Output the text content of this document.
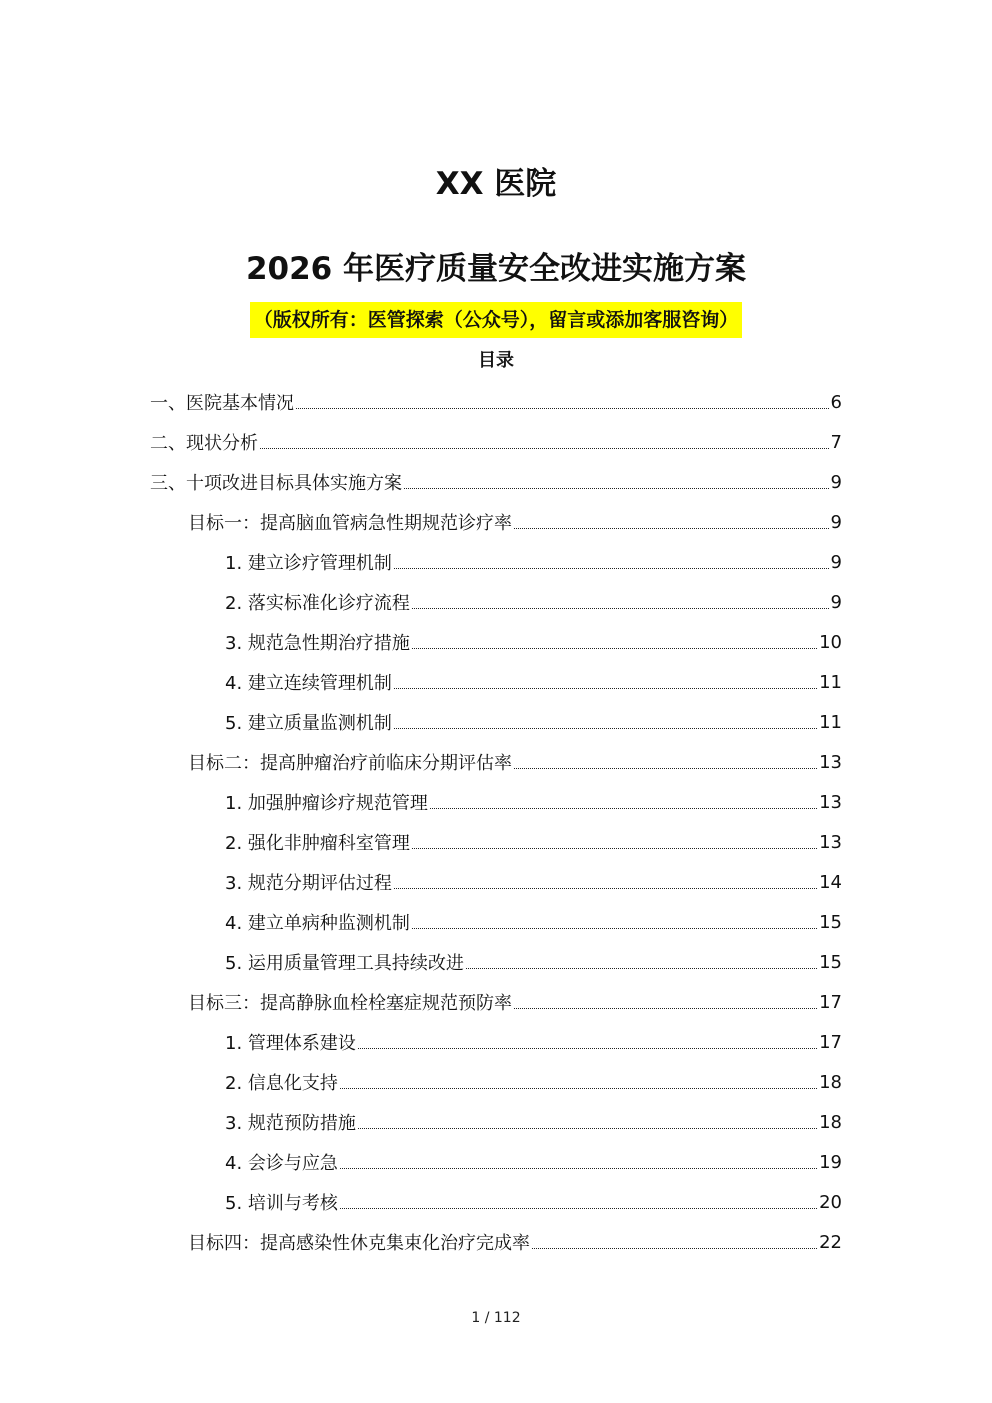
XX 医院
2026 年医疗质量安全改进实施方案
（版权所有：医管探索（公众号），留言或添加客服咨询）
目录
一、医院基本情况	6
二、现状分析	7
三、十项改进目标具体实施方案	9
目标一：提高脑血管病急性期规范诊疗率	9
1. 建立诊疗管理机制	9
2. 落实标准化诊疗流程	9
3. 规范急性期治疗措施	10
4. 建立连续管理机制	11
5. 建立质量监测机制	11
目标二：提高肿瘤治疗前临床分期评估率	13
1. 加强肿瘤诊疗规范管理	13
2. 强化非肿瘤科室管理	13
3. 规范分期评估过程	14
4. 建立单病种监测机制	15
5. 运用质量管理工具持续改进	15
目标三：提高静脉血栓栓塞症规范预防率	17
1. 管理体系建设	17
2. 信息化支持	18
3. 规范预防措施	18
4. 会诊与应急	19
5. 培训与考核	20
目标四：提高感染性休克集束化治疗完成率	22
1 / 112
